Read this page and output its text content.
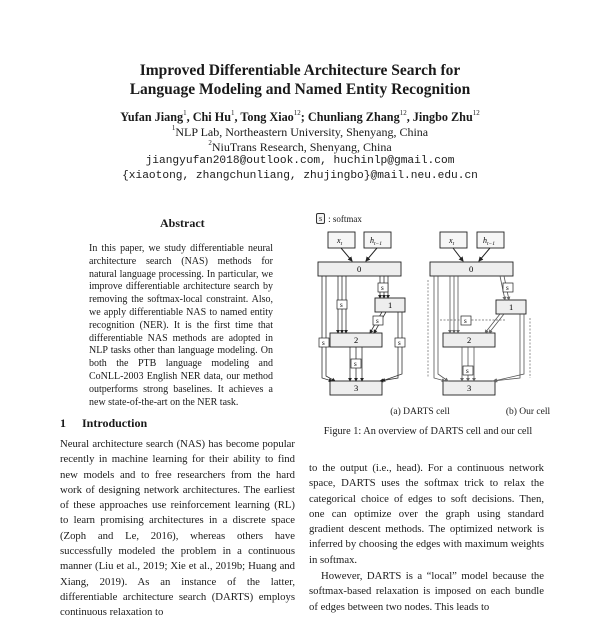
Improved Differentiable Architecture Search for
Language Modeling and Named Entity Recognition
Yufan Jiang$^1$, Chi Hu$^1$, Tong Xiao$^{12}$; Chunliang Zhang$^{12}$, Jingbo Zhu$^{12}$
$^1$NLP Lab, Northeastern University, Shenyang, China
$^2$NiuTrans Research, Shenyang, China
jiangyufan2018@outlook.com, huchinlp@gmail.com
{xiaotong, zhangchunliang, zhujingbo}@mail.neu.edu.cn
Abstract
In this paper, we study differentiable neural architecture search (NAS) methods for natural language processing. In particular, we improve differentiable architecture search by removing the softmax-local constraint. Also, we apply differentiable NAS to named entity recognition (NER). It is the first time that differentiable NAS methods are adopted in NLP tasks other than language modeling. On both the PTB language modeling and CoNLL-2003 English NER data, our method outperforms strong baselines. It achieves a new state-of-the-art on the NER task.
1 Introduction
Neural architecture search (NAS) has become popular recently in machine learning for their ability to find new models and to free researchers from the hard work of designing network architectures. The earliest of these approaches use reinforcement learning (RL) to learn promising architectures in a discrete space (Zoph and Le, 2016), whereas others have successfully modeled the problem in a continuous manner (Liu et al., 2019; Xie et al., 2019b; Huang and Xiang, 2019). As an instance of the latter, differentiable architecture search (DARTS) employs continuous relaxation to
to the output (i.e., head). For a continuous network space, DARTS uses the softmax trick to relax the categorical choice of edges to soft decisions. Then, one can optimize over the graph using standard gradient descent methods. The optimized network is inferred by choosing the edges with maximum weights in softmax.
However, DARTS is a “local” model because the softmax-based relaxation is imposed on each bundle of edges between two nodes. This leads to
s : softmax
$x_t$	$h_{t-1}$
0
1
2
3
s
s
s
s	s
s
$x_t$	$h_{t-1}$
0
1
2
3
s
s
s
(a) DARTS cell	(b) Our cell
Figure 1: An overview of DARTS cell and our cell
